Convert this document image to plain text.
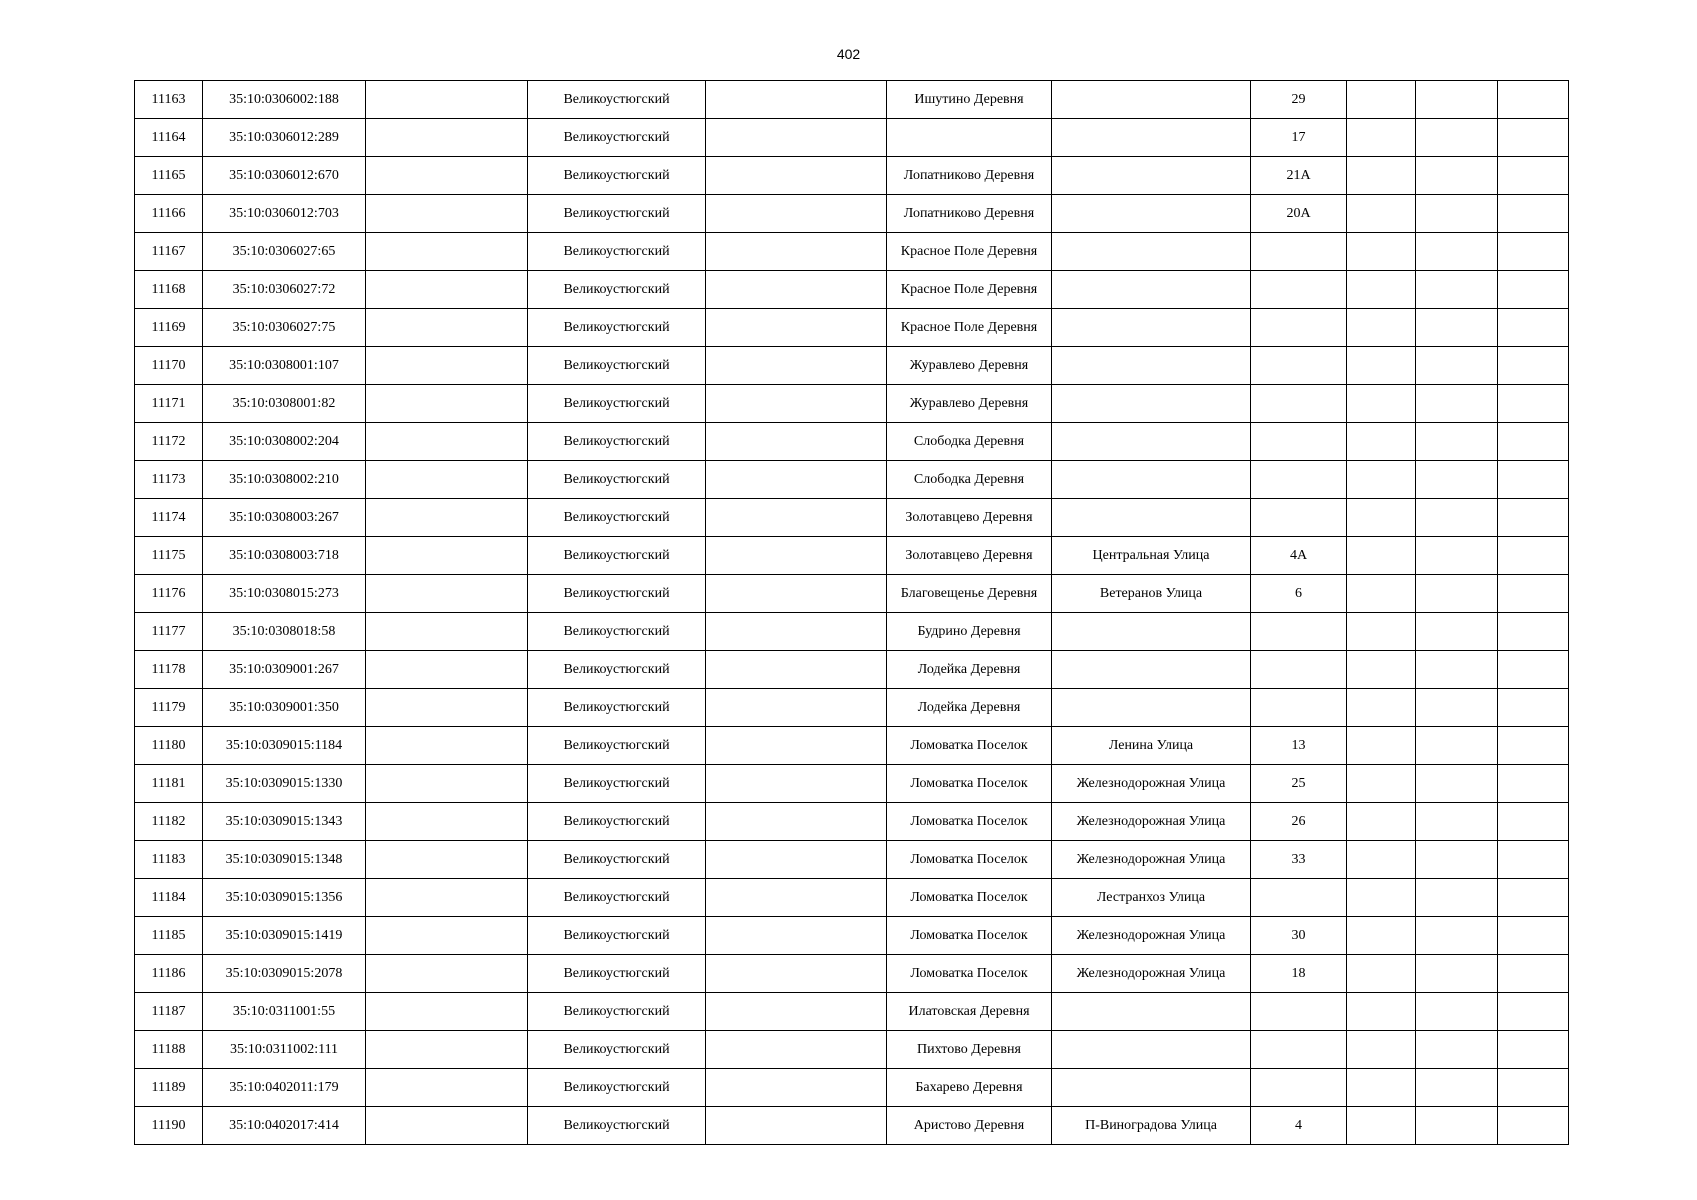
402
11163	35:10:0306002:188		Великоустюгский		Ишутино Деревня		29			
11164	35:10:0306012:289		Великоустюгский				17			
11165	35:10:0306012:670		Великоустюгский		Лопатниково Деревня		21А			
11166	35:10:0306012:703		Великоустюгский		Лопатниково Деревня		20А			
11167	35:10:0306027:65		Великоустюгский		Красное Поле Деревня					
11168	35:10:0306027:72		Великоустюгский		Красное Поле Деревня					
11169	35:10:0306027:75		Великоустюгский		Красное Поле Деревня					
11170	35:10:0308001:107		Великоустюгский		Журавлево Деревня					
11171	35:10:0308001:82		Великоустюгский		Журавлево Деревня					
11172	35:10:0308002:204		Великоустюгский		Слободка Деревня					
11173	35:10:0308002:210		Великоустюгский		Слободка Деревня					
11174	35:10:0308003:267		Великоустюгский		Золотавцево Деревня					
11175	35:10:0308003:718		Великоустюгский		Золотавцево Деревня	Центральная Улица	4А			
11176	35:10:0308015:273		Великоустюгский		Благовещенье Деревня	Ветеранов Улица	6			
11177	35:10:0308018:58		Великоустюгский		Будрино Деревня					
11178	35:10:0309001:267		Великоустюгский		Лодейка Деревня					
11179	35:10:0309001:350		Великоустюгский		Лодейка Деревня					
11180	35:10:0309015:1184		Великоустюгский		Ломоватка Поселок	Ленина Улица	13			
11181	35:10:0309015:1330		Великоустюгский		Ломоватка Поселок	Железнодорожная Улица	25			
11182	35:10:0309015:1343		Великоустюгский		Ломоватка Поселок	Железнодорожная Улица	26			
11183	35:10:0309015:1348		Великоустюгский		Ломоватка Поселок	Железнодорожная Улица	33			
11184	35:10:0309015:1356		Великоустюгский		Ломоватка Поселок	Лестранхоз Улица				
11185	35:10:0309015:1419		Великоустюгский		Ломоватка Поселок	Железнодорожная Улица	30			
11186	35:10:0309015:2078		Великоустюгский		Ломоватка Поселок	Железнодорожная Улица	18			
11187	35:10:0311001:55		Великоустюгский		Илатовская Деревня					
11188	35:10:0311002:111		Великоустюгский		Пихтово Деревня					
11189	35:10:0402011:179		Великоустюгский		Бахарево Деревня					
11190	35:10:0402017:414		Великоустюгский		Аристово Деревня	П-Виноградова Улица	4			
